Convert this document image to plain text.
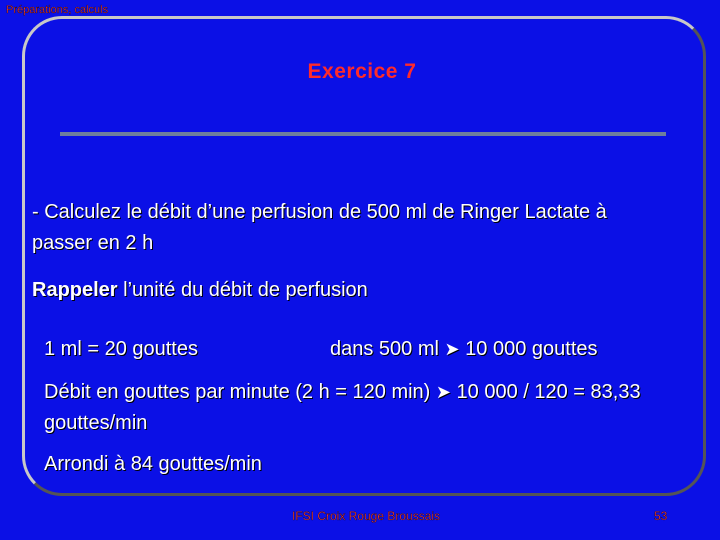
Préparations, calculs
Exercice 7
- Calculez le débit d’une perfusion de 500 ml de Ringer Lactate à passer en 2 h
Rappeler l’unité du débit de perfusion
1 ml = 20 gouttes	dans 500 ml ➤ 10 000 gouttes
Débit en gouttes par minute (2 h = 120 min) ➤ 10 000 / 120 = 83,33 gouttes/min
Arrondi à 84 gouttes/min
IFSI Croix Rouge Broussais	53
